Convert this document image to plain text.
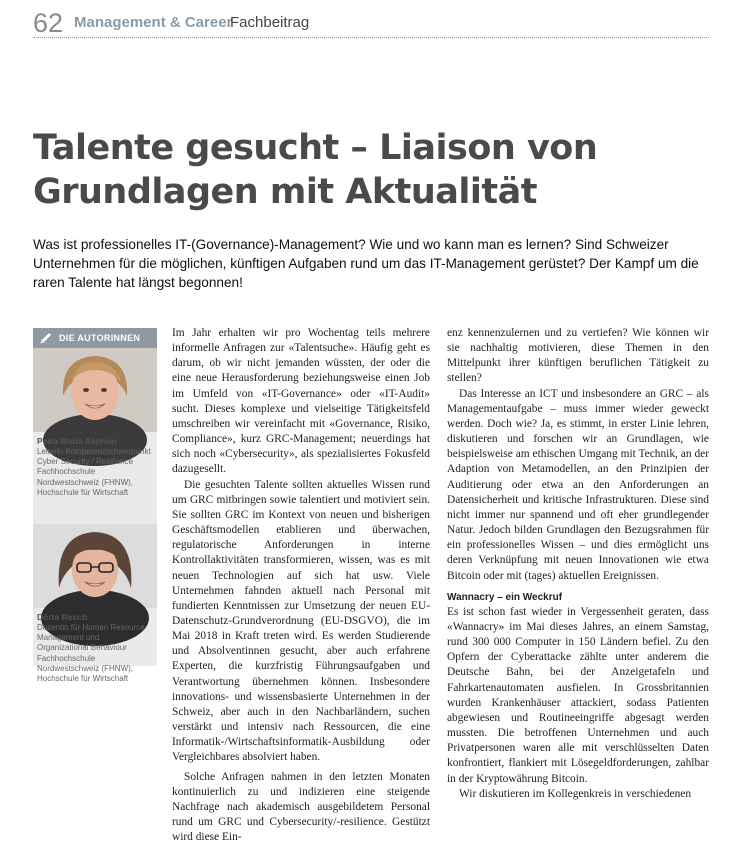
62 Management & Career
Fachbeitrag
Talente gesucht – Liaison von
Grundlagen mit Aktualität

Was ist professionelles IT-(Governance)-Management? Wie und wo kann man es lernen? Sind Schweizer Unternehmen für die möglichen, künftigen Aufgaben rund um das IT-Management gerüstet? Der Kampf um die raren Talente hat längst begonnen!

DIE AUTORINNEN
Petra Maria Asprion
Leiterin Kompetenzschwerpunkt Cyber Security / Resilience Fachhochschule Nordwestschweiz (FHNW), Hochschule für Wirtschaft
Dörte Resch
Dozentin für Human Resource Management und Organizational Behaviour Fachhochschule Nordwestschweiz (FHNW), Hochschule für Wirtschaft

Im Jahr erhalten wir pro Wochentag teils mehrere informelle Anfragen zur «Talentsuche». Häufig geht es darum, ob wir nicht jemanden wüssten, der oder die eine neue Herausforderung beziehungsweise einen Job im Umfeld von «IT-Governance» oder «IT-Audit» sucht. Dieses komplexe und vielseitige Tätigkeitsfeld umschreiben wir vereinfacht mit «Governance, Risiko, Compliance», kurz GRC-Management; neuerdings hat sich noch «Cybersecurity», als spezialisiertes Fokusfeld dazugesellt.

Die gesuchten Talente sollten aktuelles Wissen rund um GRC mitbringen sowie talentiert und motiviert sein. Sie sollten GRC im Kontext von neuen und bisherigen Geschäftsmodellen etablieren und überwachen, regulatorische Anforderungen in interne Kontrollaktivitäten transformieren, wissen, was es mit neuen Technologien auf sich hat usw. Viele Unternehmen fahnden aktuell nach Personal mit fundierten Kenntnissen zur Umsetzung der neuen EU-Datenschutz-Grundverordnung (EU-DSGVO), die im Mai 2018 in Kraft treten wird. Es werden Studierende und Absolventinnen gesucht, aber auch erfahrene Experten, die kurzfristig Führungsaufgaben und Verantwortung übernehmen können. Insbesondere innovations- und wissensbasierte Unternehmen in der Schweiz, aber auch in den Nachbarländern, suchen verstärkt und intensiv nach Ressourcen, die eine Informatik-/Wirtschaftsinformatik-Ausbildung oder Vergleichbares absolviert haben.

Solche Anfragen nahmen in den letzten Monaten kontinuierlich zu und indizieren eine steigende Nachfrage nach akademisch ausgebildetem Personal rund um GRC und Cybersecurity/-resilience. Gestützt wird diese Ein-

enz kennenzulernen und zu vertiefen? Wie können wir sie nachhaltig motivieren, diese Themen in den Mittelpunkt ihrer künftigen beruflichen Tätigkeit zu stellen?

Das Interesse an ICT und insbesondere an GRC – als Managementaufgabe – muss immer wieder geweckt werden. Doch wie? Ja, es stimmt, in erster Linie lehren, diskutieren und forschen wir an Grundlagen, wie beispielsweise am ethischen Umgang mit Technik, an der Adaption von Metamodellen, an den Prinzipien der Auditierung oder etwa an den Anforderungen an Datensicherheit und kritische Infrastrukturen. Diese sind nicht immer nur spannend und oft eher grundlegender Natur. Jedoch bilden Grundlagen den Bezugsrahmen für ein professionelles Wissen – und dies ermöglicht uns deren Verknüpfung mit neuen Innovationen wie etwa Bitcoin oder mit (tages) aktuellen Ereignissen.

Wannacry – ein Weckruf

Es ist schon fast wieder in Vergessenheit geraten, dass «Wannacry» im Mai dieses Jahres, an einem Samstag, rund 300 000 Computer in 150 Ländern befiel. Zu den Opfern der Cyberattacke zählte unter anderem die Deutsche Bahn, bei der Anzeigetafeln und Fahrkartenautomaten ausfielen. In Grossbritannien wurden Krankenhäuser attackiert, sodass Patienten abgewiesen und Routineeingriffe abgesagt werden mussten. Die betroffenen Unternehmen und auch Privatpersonen waren alle mit verschlüsselten Daten konfrontiert, flankiert mit Lösegeldforderungen, zahlbar in der Kryptowährung Bitcoin.

Wir diskutieren im Kollegenkreis in verschiedenen
